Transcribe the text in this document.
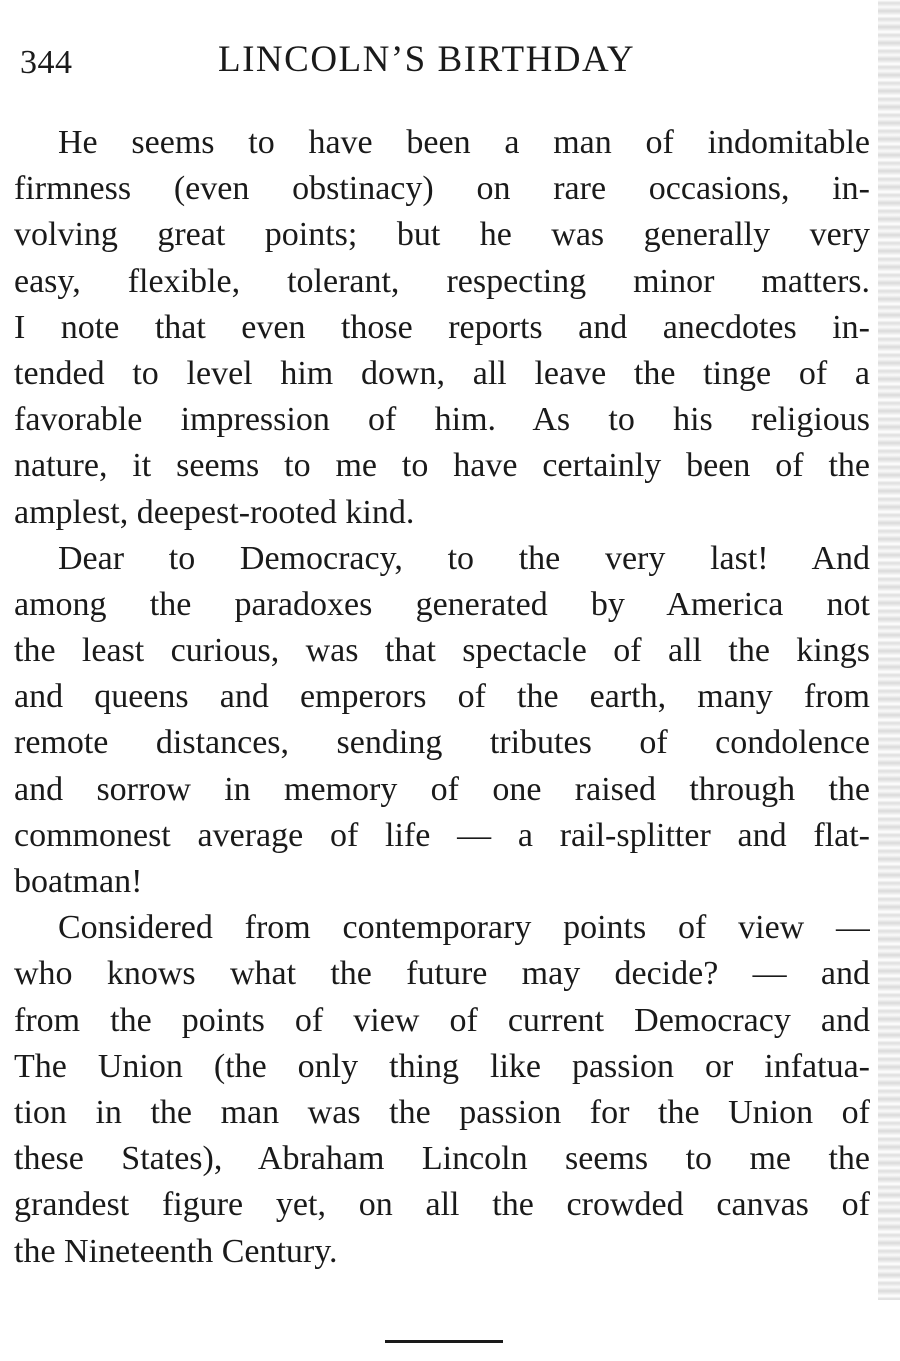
344	LINCOLN’S BIRTHDAY
He seems to have been a man of indomitable
firmness (even obstinacy) on rare occasions, in-
volving great points; but he was generally very
easy, flexible, tolerant, respecting minor matters.
I note that even those reports and anecdotes in-
tended to level him down, all leave the tinge of a
favorable impression of him. As to his religious
nature, it seems to me to have certainly been of the
amplest, deepest-rooted kind.
Dear to Democracy, to the very last! And
among the paradoxes generated by America not
the least curious, was that spectacle of all the kings
and queens and emperors of the earth, many from
remote distances, sending tributes of condolence
and sorrow in memory of one raised through the
commonest average of life — a rail-splitter and flat-
boatman!
Considered from contemporary points of view —
who knows what the future may decide? — and
from the points of view of current Democracy and
The Union (the only thing like passion or infatua-
tion in the man was the passion for the Union of
these States), Abraham Lincoln seems to me the
grandest figure yet, on all the crowded canvas of
the Nineteenth Century.
